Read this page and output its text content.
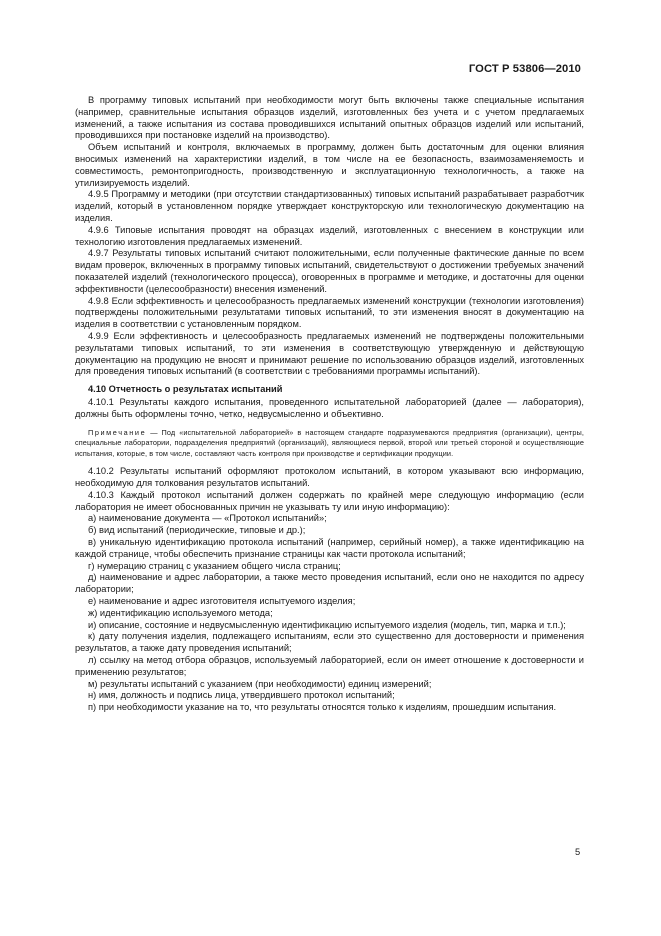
ГОСТ Р 53806—2010

В программу типовых испытаний при необходимости могут быть включены также специальные испытания (например, сравнительные испытания образцов изделий, изготовленных без учета и с учетом предлагаемых изменений, а также испытания из состава проводившихся испытаний опытных образцов изделий или испытаний, проводившихся при постановке изделий на производство).

Объем испытаний и контроля, включаемых в программу, должен быть достаточным для оценки влияния вносимых изменений на характеристики изделий, в том числе на ее безопасность, взаимозаменяемость и совместимость, ремонтопригодность, производственную и эксплуатационную технологичность, а также на утилизируемость изделий.

4.9.5 Программу и методики (при отсутствии стандартизованных) типовых испытаний разрабатывает разработчик изделий, который в установленном порядке утверждает конструкторскую или технологическую документацию на изделия.

4.9.6 Типовые испытания проводят на образцах изделий, изготовленных с внесением в конструкции или технологию изготовления предлагаемых изменений.

4.9.7 Результаты типовых испытаний считают положительными, если полученные фактические данные по всем видам проверок, включенных в программу типовых испытаний, свидетельствуют о достижении требуемых значений показателей изделий (технологического процесса), оговоренных в программе и методике, и достаточны для оценки эффективности (целесообразности) внесения изменений.

4.9.8 Если эффективность и целесообразность предлагаемых изменений конструкции (технологии изготовления) подтверждены положительными результатами типовых испытаний, то эти изменения вносят в документацию на изделия в соответствии с установленным порядком.

4.9.9 Если эффективность и целесообразность предлагаемых изменений не подтверждены положительными результатами типовых испытаний, то эти изменения в соответствующую утвержденную и действующую документацию на продукцию не вносят и принимают решение по использованию образцов изделий, изготовленных для проведения типовых испытаний (в соответствии с требованиями программы испытаний).

4.10 Отчетность о результатах испытаний

4.10.1 Результаты каждого испытания, проведенного испытательной лабораторией (далее — лаборатория), должны быть оформлены точно, четко, недвусмысленно и объективно.

Примечание — Под «испытательной лабораторией» в настоящем стандарте подразумеваются предприятия (организации), центры, специальные лаборатории, подразделения предприятий (организаций), являющиеся первой, второй или третьей стороной и осуществляющие испытания, которые, в том числе, составляют часть контроля при производстве и сертификации продукции.

4.10.2 Результаты испытаний оформляют протоколом испытаний, в котором указывают всю информацию, необходимую для толкования результатов испытаний.

4.10.3 Каждый протокол испытаний должен содержать по крайней мере следующую информацию (если лаборатория не имеет обоснованных причин не указывать ту или иную информацию):

а) наименование документа — «Протокол испытаний»;

б) вид испытаний (периодические, типовые и др.);

в) уникальную идентификацию протокола испытаний (например, серийный номер), а также идентификацию на каждой странице, чтобы обеспечить признание страницы как части протокола испытаний;

г) нумерацию страниц с указанием общего числа страниц;

д) наименование и адрес лаборатории, а также место проведения испытаний, если оно не находится по адресу лаборатории;

е) наименование и адрес изготовителя испытуемого изделия;

ж) идентификацию используемого метода;

и) описание, состояние и недвусмысленную идентификацию испытуемого изделия (модель, тип, марка и т.п.);

к) дату получения изделия, подлежащего испытаниям, если это существенно для достоверности и применения результатов, а также дату проведения испытаний;

л) ссылку на метод отбора образцов, используемый лабораторией, если он имеет отношение к достоверности и применению результатов;

м) результаты испытаний с указанием (при необходимости) единиц измерений;

н) имя, должность и подпись лица, утвердившего протокол испытаний;

п) при необходимости указание на то, что результаты относятся только к изделиям, прошедшим испытания.

5
